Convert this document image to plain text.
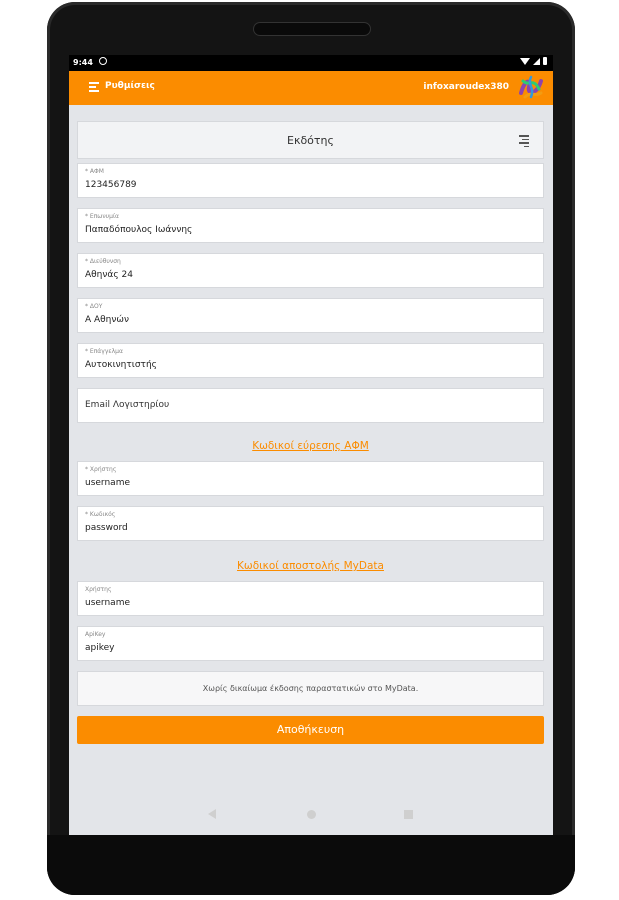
9:44
Ρυθμίσεις	infoxaroudex380
Εκδότης
* ΑΦΜ
123456789
* Επωνυμία
Παπαδόπουλος Ιωάννης
* Διεύθυνση
Αθηνάς 24
* ΔΟΥ
Α Αθηνών
* Επάγγελμα
Αυτοκινητιστής
Email Λογιστηρίου
Κωδικοί εύρεσης ΑΦΜ
* Χρήστης
username
* Κωδικός
password
Κωδικοί αποστολής MyData
Χρήστης
username
ApiKey
apikey
Χωρίς δικαίωμα έκδοσης παραστατικών στο MyData.
Αποθήκευση
